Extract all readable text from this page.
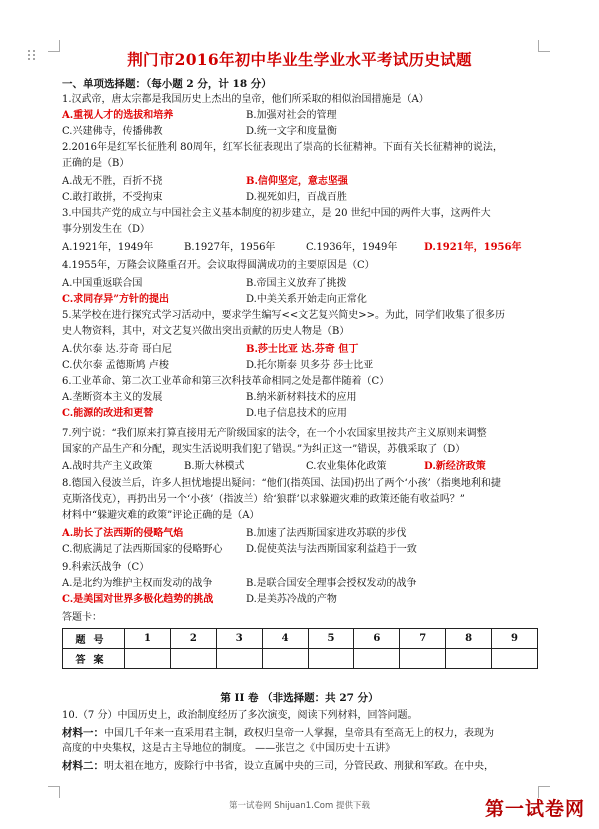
荆门市2016年初中毕业生学业水平考试历史试题
一、单项选择题：（每小题 2 分，计 18 分）
1.汉武帝，唐太宗都是我国历史上杰出的皇帝，他们所采取的相似治国措施是（A）
A.重视人才的选拔和培养	B.加强对社会的管理
C.兴建佛寺，传播佛教	D.统一文字和度量衡
2.2016年是红军长征胜利 80周年，红军长征表现出了崇高的长征精神。下面有关长征精神的说法，
正确的是（B）
A.战无不胜，百折不挠	B.信仰坚定，意志坚强
C.敢打敢拼，不受拘束	D.视死如归，百战百胜
3.中国共产党的成立与中国社会主义基本制度的初步建立，是 20 世纪中国的两件大事，这两件大
事分别发生在（D）
A.1921年，1949年	B.1927年，1956年	C.1936年，1949年	D.1921年，1956年
4.1955年，万隆会议隆重召开。会议取得圆满成功的主要原因是（C）
A.中国重返联合国	B.帝国主义放弃了挑拨
C.求同存异”方针的提出	D.中美关系开始走向正常化
5.某学校在进行探究式学习活动中，要求学生编写<<文艺复兴简史>>。为此，同学们收集了很多历
史人物资料，其中，对文艺复兴做出突出贡献的历史人物是（B）
A.伏尔泰 达.芬奇 哥白尼	B.莎士比亚 达.芬奇 但丁
C.伏尔泰 孟德斯鸠 卢梭	D.托尔斯泰 贝多芬 莎士比亚
6.工业革命、第二次工业革命和第三次科技革命相同之处是都伴随着（C）
A.垄断资本主义的发展	B.纳米新材料技术的应用
C.能源的改进和更替	D.电子信息技术的应用
7.列宁说：“我们原来打算直接用无产阶级国家的法令，在一个小农国家里按共产主义原则来调整
国家的产品生产和分配，现实生活说明我们犯了错误。”为纠正这一”错误，苏俄采取了（D）
A.战时共产主义政策	B.斯大林模式	C.农业集体化政策	D.新经济政策
8.德国入侵波兰后，许多人担忧地提出疑问：“他们(指英国、法国)扔出了两个‘小孩’（指奥地利和捷
克斯洛伐克），再扔出另一个‘小孩’（指波兰）给‘狼群’以求躲避灾难的政策还能有收益吗？”
材料中“躲避灾难的政策”评论正确的是（A）
A.助长了法西斯的侵略气焰	B.加速了法西斯国家进攻苏联的步伐
C.彻底满足了法西斯国家的侵略野心 D.促使英法与法西斯国家利益趋于一致
9.科索沃战争（C）
A.是北约为维护主权而发动的战争	B.是联合国安全理事会授权发动的战争
C.是美国对世界多极化趋势的挑战	D.是美苏冷战的产物
答题卡：
题号	1	2	3	4	5	6	7	8	9
答案									
第 II 卷 （非选择题：共 27 分）
10.（7 分）中国历史上，政治制度经历了多次演变，阅读下列材料，回答问题。
材料一：中国几千年来一直采用君主制，政权归皇帝一人掌握，皇帝具有至高无上的权力，表现为
高度的中央集权，这是古主导地位的制度。 ——张岂之《中国历史十五讲》
材料二：明太祖在地方，废除行中书省，设立直属中央的三司，分管民政、刑狱和军政。在中央，
第一试卷网 Shijuan1.Com 提供下载	第一试卷网
